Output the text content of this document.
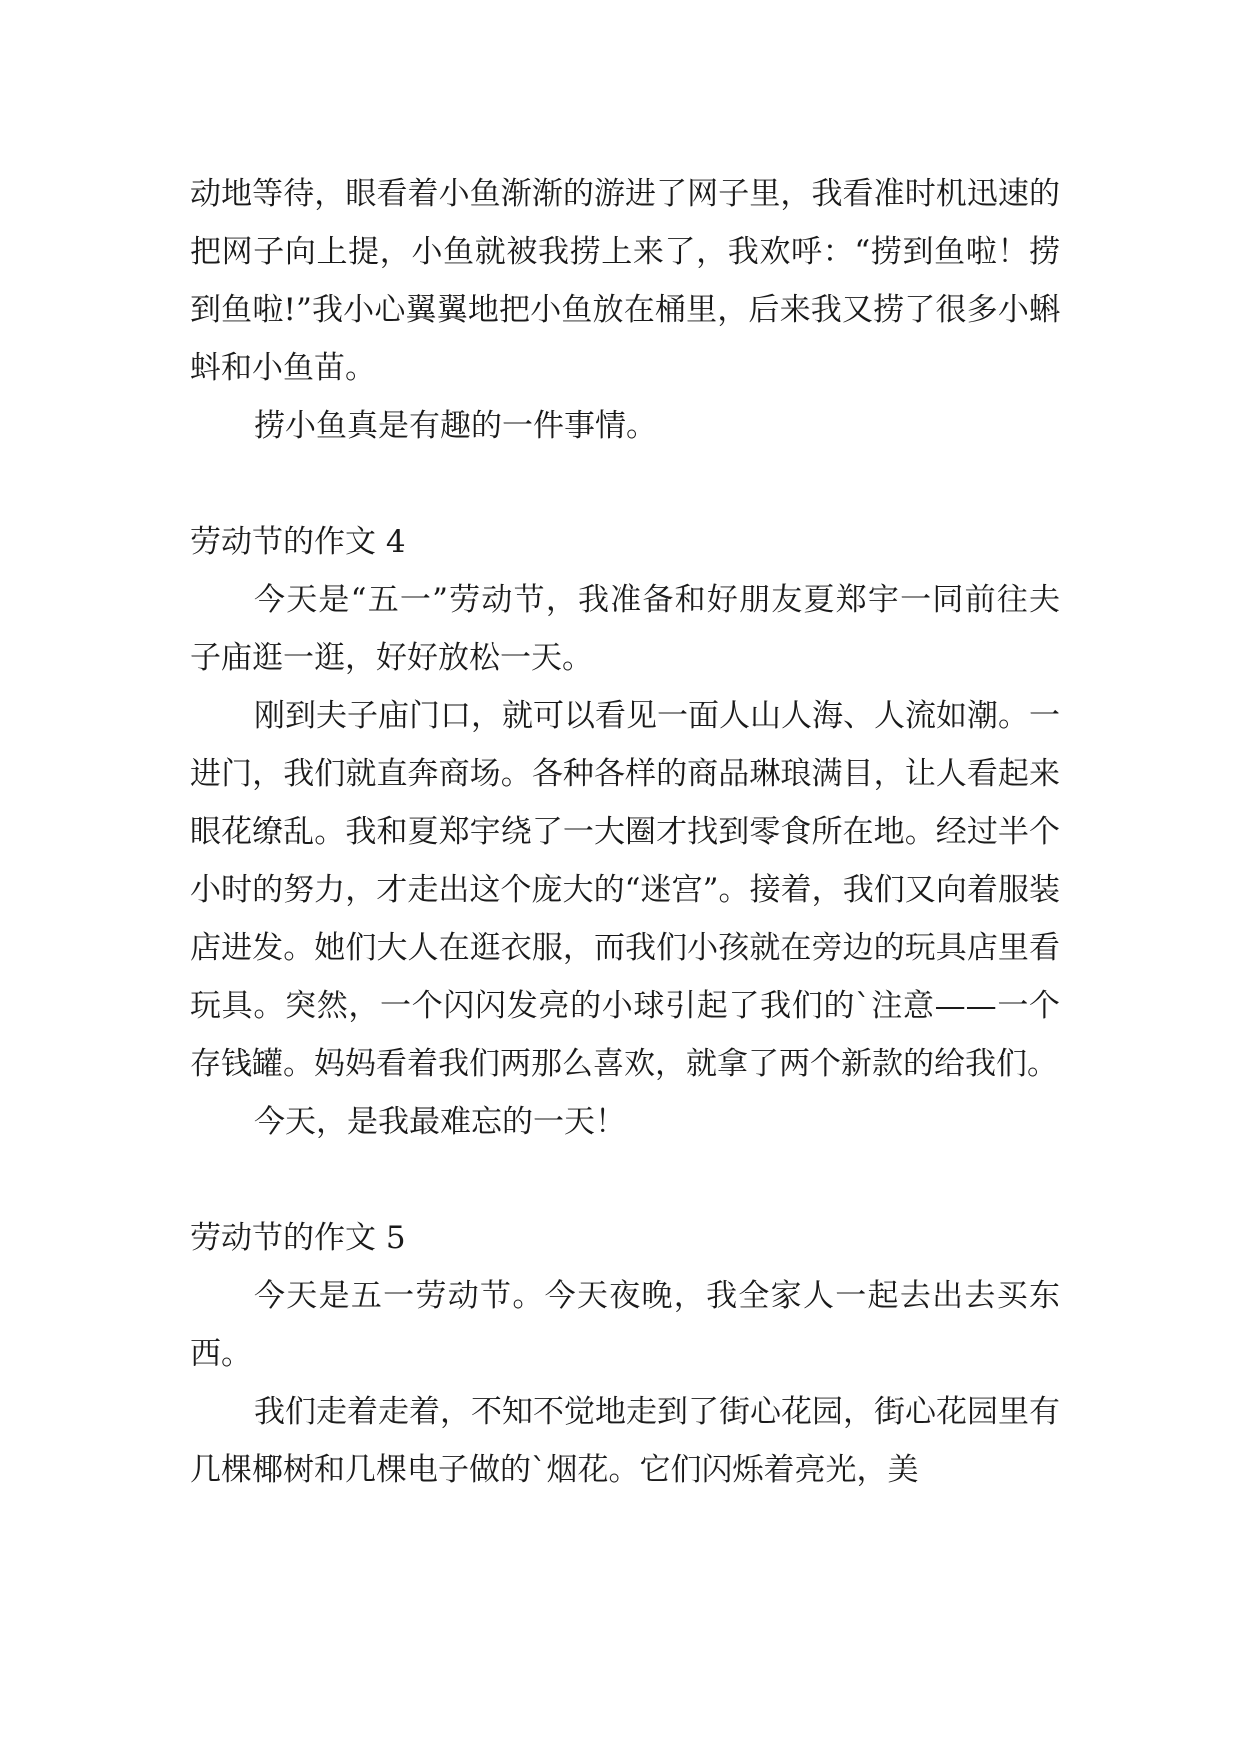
动地等待，眼看着小鱼渐渐的游进了网子里，我看准时机迅速的把网子向上提，小鱼就被我捞上来了，我欢呼：“捞到鱼啦！捞到鱼啦!”我小心翼翼地把小鱼放在桶里，后来我又捞了很多小蝌蚪和小鱼苗。

捞小鱼真是有趣的一件事情。

劳动节的作文 4

今天是“五一”劳动节，我准备和好朋友夏郑宇一同前往夫子庙逛一逛，好好放松一天。

刚到夫子庙门口，就可以看见一面人山人海、人流如潮。一进门，我们就直奔商场。各种各样的商品琳琅满目，让人看起来眼花缭乱。我和夏郑宇绕了一大圈才找到零食所在地。经过半个小时的努力，才走出这个庞大的“迷宫”。接着，我们又向着服装店进发。她们大人在逛衣服，而我们小孩就在旁边的玩具店里看玩具。突然，一个闪闪发亮的小球引起了我们的`注意——一个存钱罐。妈妈看着我们两那么喜欢，就拿了两个新款的给我们。

今天，是我最难忘的一天！

劳动节的作文 5

今天是五一劳动节。今天夜晚，我全家人一起去出去买东西。

我们走着走着，不知不觉地走到了街心花园，街心花园里有几棵椰树和几棵电子做的`烟花。它们闪烁着亮光，美
